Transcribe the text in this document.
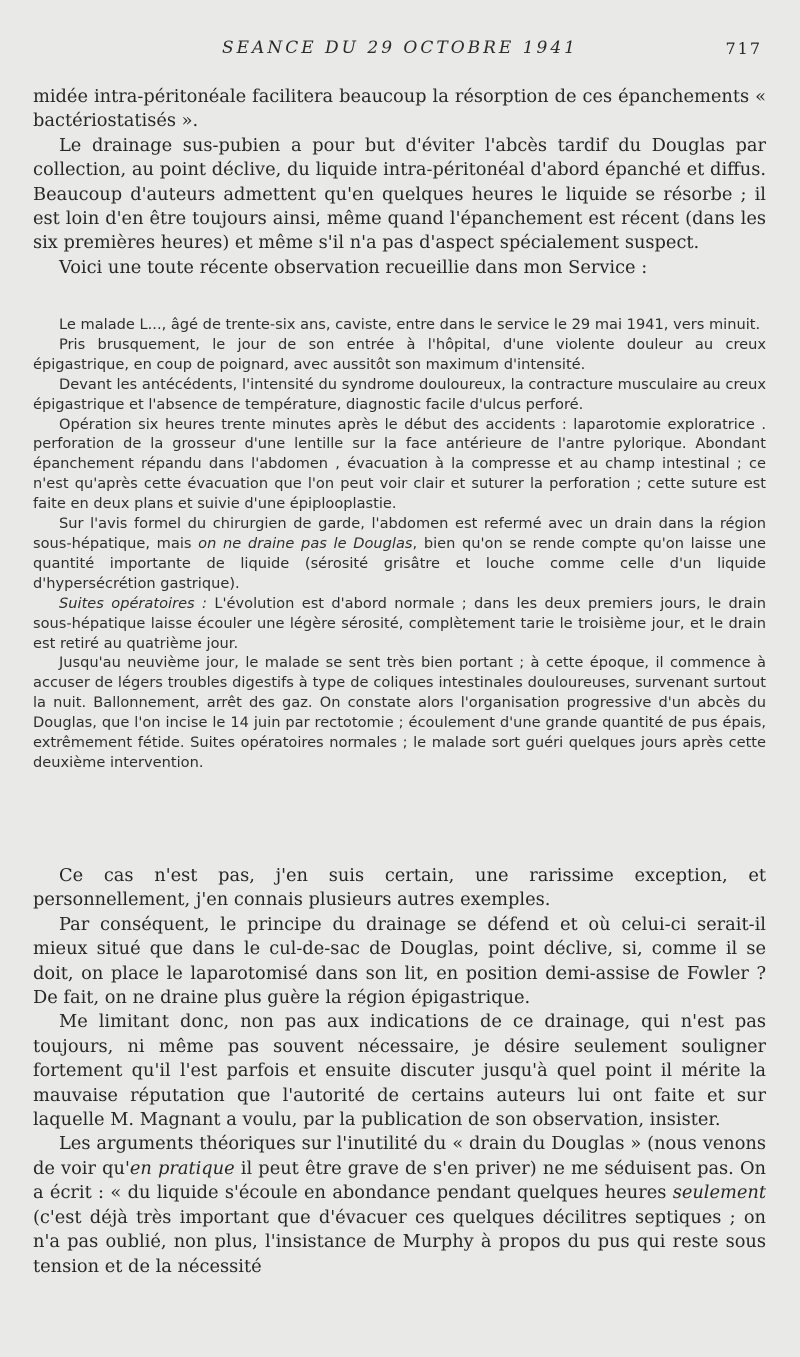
SEANCE DU 29 OCTOBRE 1941	717

midée intra-péritonéale facilitera beaucoup la résorption de ces épanchements « bactériostatisés ».

Le drainage sus-pubien a pour but d'éviter l'abcès tardif du Douglas par collection, au point déclive, du liquide intra-péritonéal d'abord épanché et diffus. Beaucoup d'auteurs admettent qu'en quelques heures le liquide se résorbe ; il est loin d'en être toujours ainsi, même quand l'épanchement est récent (dans les six premières heures) et même s'il n'a pas d'aspect spécialement suspect.

Voici une toute récente observation recueillie dans mon Service :

Le malade L..., âgé de trente-six ans, caviste, entre dans le service le 29 mai 1941, vers minuit.

Pris brusquement, le jour de son entrée à l'hôpital, d'une violente douleur au creux épigastrique, en coup de poignard, avec aussitôt son maximum d'intensité.

Devant les antécédents, l'intensité du syndrome douloureux, la contracture musculaire au creux épigastrique et l'absence de température, diagnostic facile d'ulcus perforé.

Opération six heures trente minutes après le début des accidents : laparotomie exploratrice . perforation de la grosseur d'une lentille sur la face antérieure de l'antre pylorique. Abondant épanchement répandu dans l'abdomen , évacuation à la compresse et au champ intestinal ; ce n'est qu'après cette évacuation que l'on peut voir clair et suturer la perforation ; cette suture est faite en deux plans et suivie d'une épiplooplastie.

Sur l'avis formel du chirurgien de garde, l'abdomen est refermé avec un drain dans la région sous-hépatique, mais on ne draine pas le Douglas, bien qu'on se rende compte qu'on laisse une quantité importante de liquide (sérosité grisâtre et louche comme celle d'un liquide d'hypersécrétion gastrique).

Suites opératoires : L'évolution est d'abord normale ; dans les deux premiers jours, le drain sous-hépatique laisse écouler une légère sérosité, complètement tarie le troisième jour, et le drain est retiré au quatrième jour.

Jusqu'au neuvième jour, le malade se sent très bien portant ; à cette époque, il commence à accuser de légers troubles digestifs à type de coliques intestinales douloureuses, survenant surtout la nuit. Ballonnement, arrêt des gaz. On constate alors l'organisation progressive d'un abcès du Douglas, que l'on incise le 14 juin par rectotomie ; écoulement d'une grande quantité de pus épais, extrêmement fétide. Suites opératoires normales ; le malade sort guéri quelques jours après cette deuxième intervention.

Ce cas n'est pas, j'en suis certain, une rarissime exception, et personnellement, j'en connais plusieurs autres exemples.

Par conséquent, le principe du drainage se défend et où celui-ci serait-il mieux situé que dans le cul-de-sac de Douglas, point déclive, si, comme il se doit, on place le laparotomisé dans son lit, en position demi-assise de Fowler ? De fait, on ne draine plus guère la région épigastrique.

Me limitant donc, non pas aux indications de ce drainage, qui n'est pas toujours, ni même pas souvent nécessaire, je désire seulement souligner fortement qu'il l'est parfois et ensuite discuter jusqu'à quel point il mérite la mauvaise réputation que l'autorité de certains auteurs lui ont faite et sur laquelle M. Magnant a voulu, par la publication de son observation, insister.

Les arguments théoriques sur l'inutilité du « drain du Douglas » (nous venons de voir qu'en pratique il peut être grave de s'en priver) ne me séduisent pas. On a écrit : « du liquide s'écoule en abondance pendant quelques heures seulement (c'est déjà très important que d'évacuer ces quelques décilitres septiques ; on n'a pas oublié, non plus, l'insistance de Murphy à propos du pus qui reste sous tension et de la nécessité
